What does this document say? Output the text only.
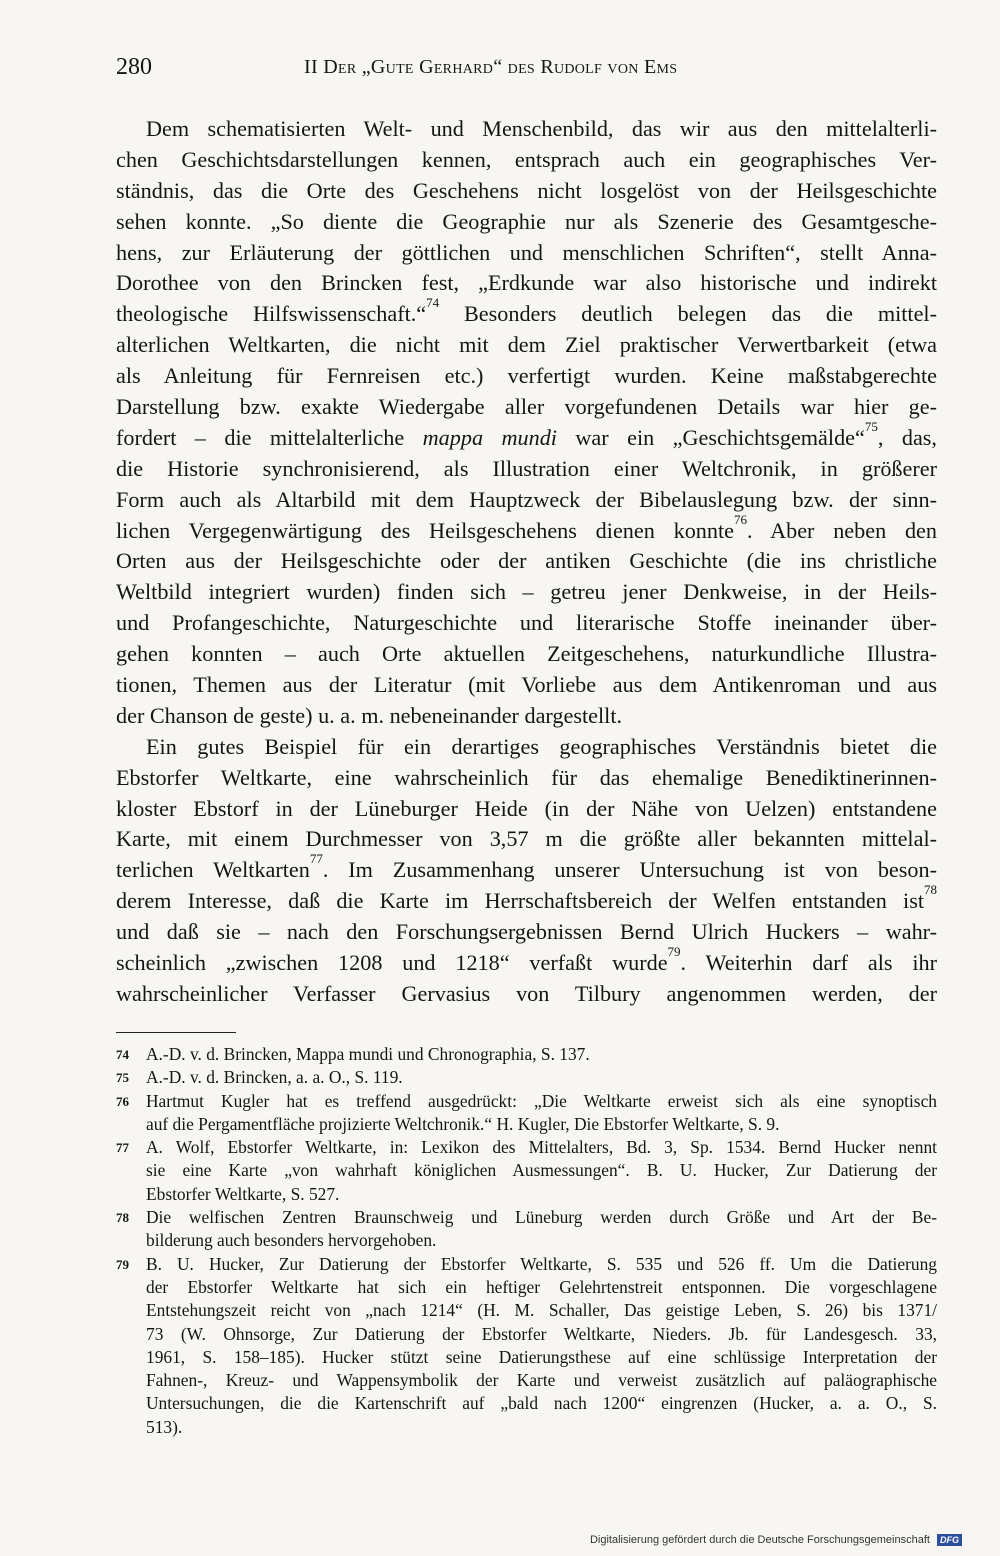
280	II Der „Gute Gerhard“ des Rudolf von Ems
Dem schematisierten Welt- und Menschenbild, das wir aus den mittelalterli-
chen Geschichtsdarstellungen kennen, entsprach auch ein geographisches Ver-
ständnis, das die Orte des Geschehens nicht losgelöst von der Heilsgeschichte
sehen konnte. „So diente die Geographie nur als Szenerie des Gesamtgesche-
hens, zur Erläuterung der göttlichen und menschlichen Schriften“, stellt Anna-
Dorothee von den Brincken fest, „Erdkunde war also historische und indirekt
theologische Hilfswissenschaft.“$^{74}$ Besonders deutlich belegen das die mittel-
alterlichen Weltkarten, die nicht mit dem Ziel praktischer Verwertbarkeit (etwa
als Anleitung für Fernreisen etc.) verfertigt wurden. Keine maßstabgerechte
Darstellung bzw. exakte Wiedergabe aller vorgefundenen Details war hier ge-
fordert – die mittelalterliche mappa mundi war ein „Geschichtsgemälde“$^{75}$, das,
die Historie synchronisierend, als Illustration einer Weltchronik, in größerer
Form auch als Altarbild mit dem Hauptzweck der Bibelauslegung bzw. der sinn-
lichen Vergegenwärtigung des Heilsgeschehens dienen konnte$^{76}$. Aber neben den
Orten aus der Heilsgeschichte oder der antiken Geschichte (die ins christliche
Weltbild integriert wurden) finden sich – getreu jener Denkweise, in der Heils-
und Profangeschichte, Naturgeschichte und literarische Stoffe ineinander über-
gehen konnten – auch Orte aktuellen Zeitgeschehens, naturkundliche Illustra-
tionen, Themen aus der Literatur (mit Vorliebe aus dem Antikenroman und aus
der Chanson de geste) u. a. m. nebeneinander dargestellt.
Ein gutes Beispiel für ein derartiges geographisches Verständnis bietet die
Ebstorfer Weltkarte, eine wahrscheinlich für das ehemalige Benediktinerinnen-
kloster Ebstorf in der Lüneburger Heide (in der Nähe von Uelzen) entstandene
Karte, mit einem Durchmesser von 3,57 m die größte aller bekannten mittelal-
terlichen Weltkarten$^{77}$. Im Zusammenhang unserer Untersuchung ist von beson-
derem Interesse, daß die Karte im Herrschaftsbereich der Welfen entstanden ist$^{78}$
und daß sie – nach den Forschungsergebnissen Bernd Ulrich Huckers – wahr-
scheinlich „zwischen 1208 und 1218“ verfaßt wurde$^{79}$. Weiterhin darf als ihr
wahrscheinlicher Verfasser Gervasius von Tilbury angenommen werden, der
74 A.-D. v. d. Brincken, Mappa mundi und Chronographia, S. 137.
75 A.-D. v. d. Brincken, a. a. O., S. 119.
76 Hartmut Kugler hat es treffend ausgedrückt: „Die Weltkarte erweist sich als eine synoptisch
auf die Pergamentfläche projizierte Weltchronik.“ H. Kugler, Die Ebstorfer Weltkarte, S. 9.
77 A. Wolf, Ebstorfer Weltkarte, in: Lexikon des Mittelalters, Bd. 3, Sp. 1534. Bernd Hucker nennt
sie eine Karte „von wahrhaft königlichen Ausmessungen“. B. U. Hucker, Zur Datierung der
Ebstorfer Weltkarte, S. 527.
78 Die welfischen Zentren Braunschweig und Lüneburg werden durch Größe und Art der Be-
bilderung auch besonders hervorgehoben.
79 B. U. Hucker, Zur Datierung der Ebstorfer Weltkarte, S. 535 und 526 ff. Um die Datierung
der Ebstorfer Weltkarte hat sich ein heftiger Gelehrtenstreit entsponnen. Die vorgeschlagene
Entstehungszeit reicht von „nach 1214“ (H. M. Schaller, Das geistige Leben, S. 26) bis 1371/
73 (W. Ohnsorge, Zur Datierung der Ebstorfer Weltkarte, Nieders. Jb. für Landesgesch. 33,
1961, S. 158–185). Hucker stützt seine Datierungsthese auf eine schlüssige Interpretation der
Fahnen-, Kreuz- und Wappensymbolik der Karte und verweist zusätzlich auf paläographische
Untersuchungen, die die Kartenschrift auf „bald nach 1200“ eingrenzen (Hucker, a. a. O., S.
513).
Digitalisierung gefördert durch die Deutsche Forschungsgemeinschaft DFG
